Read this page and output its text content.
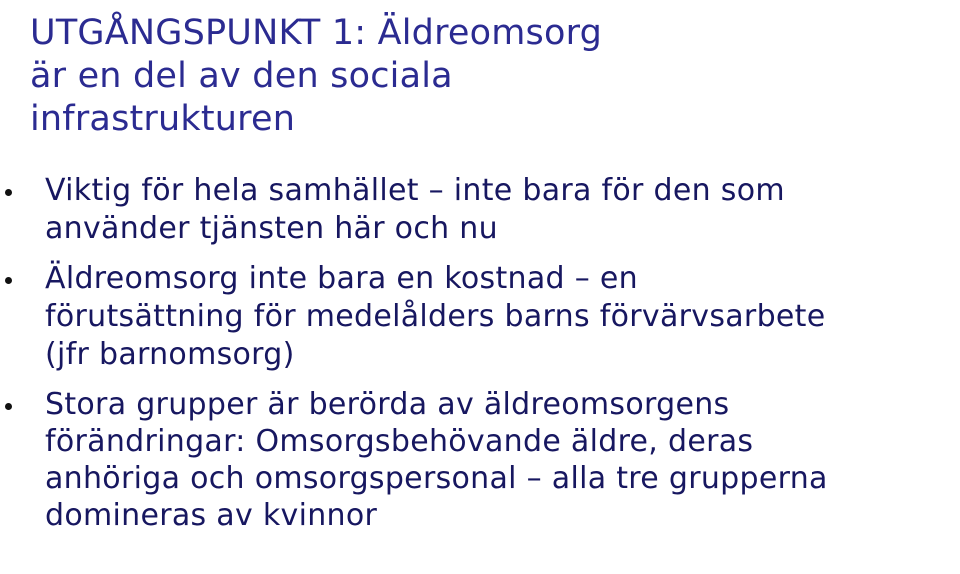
UTGÅNGSPUNKT 1: Äldreomsorg
är en del av den sociala
infrastrukturen
Viktig för hela samhället – inte bara för den som
använder tjänsten här och nu
Äldreomsorg inte bara en kostnad – en
förutsättning för medelålders barns förvärvsarbete
(jfr barnomsorg)
Stora grupper är berörda av äldreomsorgens
förändringar: Omsorgsbehövande äldre, deras
anhöriga och omsorgspersonal – alla tre grupperna
domineras av kvinnor
